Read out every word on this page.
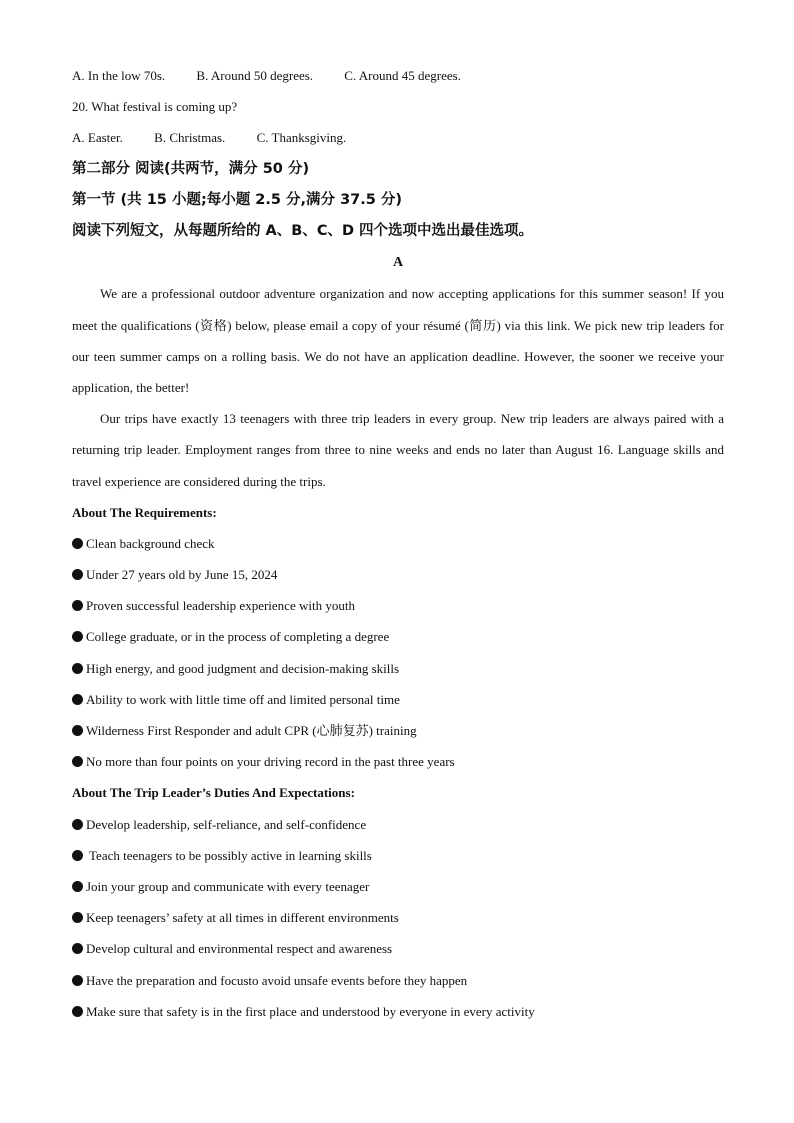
A. In the low 70s. B. Around 50 degrees. C. Around 45 degrees.
20. What festival is coming up?
A. Easter. B. Christmas. C. Thanksgiving.
第二部分 阅读(共两节，满分 50 分)
第一节 (共 15 小题;每小题 2.5 分,满分 37.5 分)
阅读下列短文，从每题所给的 A、B、C、D 四个选项中选出最佳选项。
A

We are a professional outdoor adventure organization and now accepting applications for this summer season! If you meet the qualifications (资格) below, please email a copy of your résumé (简历) via this link. We pick new trip leaders for our teen summer camps on a rolling basis. We do not have an application deadline. However, the sooner we receive your application, the better!

Our trips have exactly 13 teenagers with three trip leaders in every group. New trip leaders are always paired with a returning trip leader. Employment ranges from three to nine weeks and ends no later than August 16. Language skills and travel experience are considered during the trips.

About The Requirements:
Clean background check
Under 27 years old by June 15, 2024
Proven successful leadership experience with youth
College graduate, or in the process of completing a degree
High energy, and good judgment and decision-making skills
Ability to work with little time off and limited personal time
Wilderness First Responder and adult CPR (心肺复苏) training
No more than four points on your driving record in the past three years
About The Trip Leader’s Duties And Expectations:
Develop leadership, self-reliance, and self-confidence
Teach teenagers to be possibly active in learning skills
Join your group and communicate with every teenager
Keep teenagers’ safety at all times in different environments
Develop cultural and environmental respect and awareness
Have the preparation and focusto avoid unsafe events before they happen
Make sure that safety is in the first place and understood by everyone in every activity
